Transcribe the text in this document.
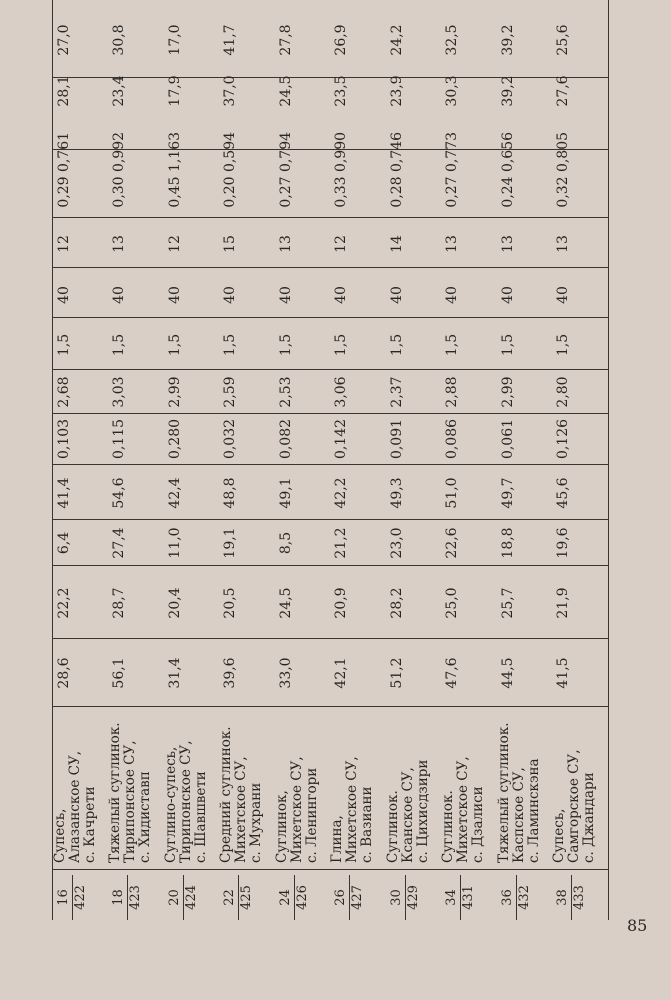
16 422
Супесь,
Алазанское СУ,
с. Качрети
28,6
22,2
6,4
41,4
0,103
2,68
1,5
40
12
0,29
0,761
28,1
27,0
18 423
Тяжелый суглинок.
Тирипонское СУ,
с. Хидиставп
56,1
28,7
27,4
54,6
0,115
3,03
1,5
40
13
0,30
0,992
23,4
30,8
20 424
Суглино-супесь,
Тирипонское СУ,
с. Шавшвети
31,4
20,4
11,0
42,4
0,280
2,99
1,5
40
12
0,45
1,163
17,9
17,0
22 425
Средний суглинок.
Михетское СУ,
с. Мухрани
39,6
20,5
19,1
48,8
0,032
2,59
1,5
40
15
0,20
0,594
37,0
41,7
24 426
Суглинок,
Михетское СУ,
с. Ленингори
33,0
24,5
8,5
49,1
0,082
2,53
1,5
40
13
0,27
0,794
24,5
27,8
26 427
Глина,
Михетское СУ,
с. Вазиани
42,1
20,9
21,2
42,2
0,142
3,06
1,5
40
12
0,33
0,990
23,5
26,9
30 429
Суглинок.
Ксанское СУ,
с. Цихисдзири
51,2
28,2
23,0
49,3
0,091
2,37
1,5
40
14
0,28
0,746
23,9
24,2
34 431
Суглинок.
Михетское СУ,
с. Дзалиси
47,6
25,0
22,6
51,0
0,086
2,88
1,5
40
13
0,27
0,773
30,3
32,5
36 432
Тяжелый суглинок.
Каспское СУ,
с. Ламинскэна
44,5
25,7
18,8
49,7
0,061
2,99
1,5
40
13
0,24
0,656
39,2
39,2
38 433
Супесь,
Самгорское СУ,
с. Джандари
41,5
21,9
19,6
45,6
0,126
2,80
1,5
40
13
0,32
0,805
27,6
25,6
85
